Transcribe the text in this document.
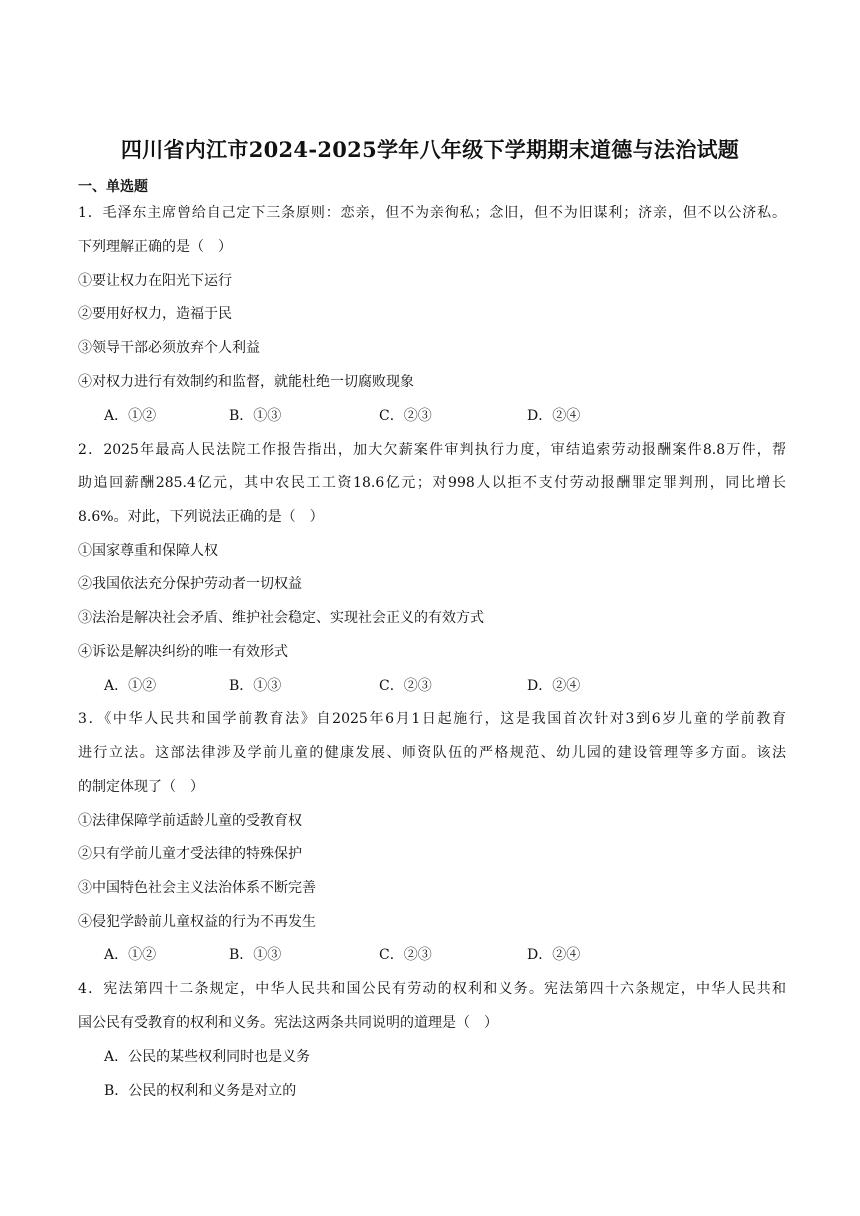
四川省内江市2024-2025学年八年级下学期期末道德与法治试题
一、单选题
1．毛泽东主席曾给自己定下三条原则：恋亲，但不为亲徇私；念旧，但不为旧谋利；济亲，但不以公济私。
下列理解正确的是（　）
①要让权力在阳光下运行
②要用好权力，造福于民
③领导干部必须放弃个人利益
④对权力进行有效制约和监督，就能杜绝一切腐败现象
A．①②	B．①③	C．②③	D．②④
2．2025年最高人民法院工作报告指出，加大欠薪案件审判执行力度，审结追索劳动报酬案件8.8万件，帮
助追回薪酬285.4亿元，其中农民工工资18.6亿元；对998人以拒不支付劳动报酬罪定罪判刑，同比增长
8.6%。对此，下列说法正确的是（　）
①国家尊重和保障人权
②我国依法充分保护劳动者一切权益
③法治是解决社会矛盾、维护社会稳定、实现社会正义的有效方式
④诉讼是解决纠纷的唯一有效形式
A．①②	B．①③	C．②③	D．②④
3．《中华人民共和国学前教育法》自2025年6月1日起施行，这是我国首次针对3到6岁儿童的学前教育
进行立法。这部法律涉及学前儿童的健康发展、师资队伍的严格规范、幼儿园的建设管理等多方面。该法
的制定体现了（　）
①法律保障学前适龄儿童的受教育权
②只有学前儿童才受法律的特殊保护
③中国特色社会主义法治体系不断完善
④侵犯学龄前儿童权益的行为不再发生
A．①②	B．①③	C．②③	D．②④
4．宪法第四十二条规定，中华人民共和国公民有劳动的权利和义务。宪法第四十六条规定，中华人民共和
国公民有受教育的权利和义务。宪法这两条共同说明的道理是（　）
A．公民的某些权利同时也是义务
B．公民的权利和义务是对立的
